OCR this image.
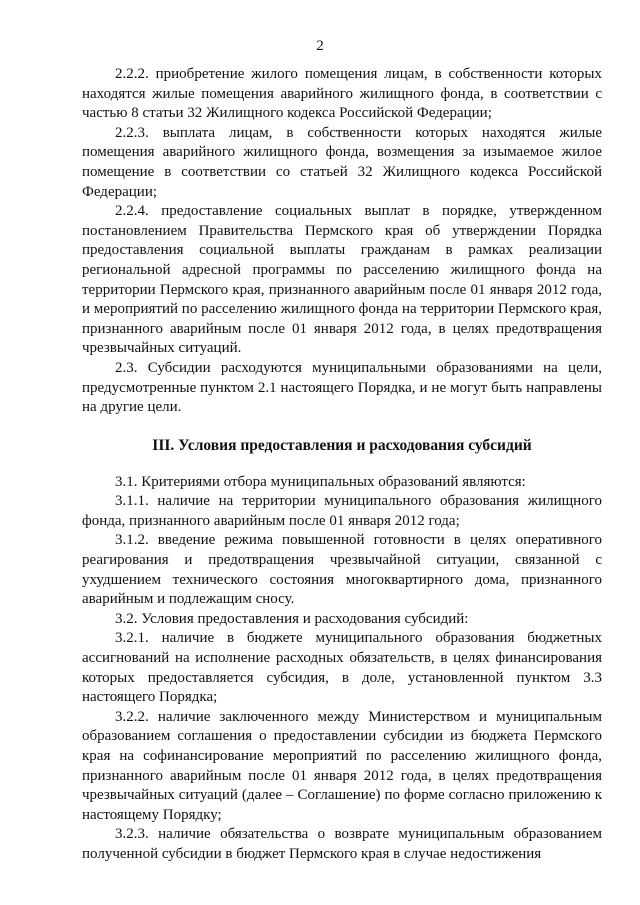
2

2.2.2. приобретение жилого помещения лицам, в собственности которых находятся жилые помещения аварийного жилищного фонда, в соответствии с частью 8 статьи 32 Жилищного кодекса Российской Федерации;

2.2.3. выплата лицам, в собственности которых находятся жилые помещения аварийного жилищного фонда, возмещения за изымаемое жилое помещение в соответствии со статьей 32 Жилищного кодекса Российской Федерации;

2.2.4. предоставление социальных выплат в порядке, утвержденном постановлением Правительства Пермского края об утверждении Порядка предоставления социальной выплаты гражданам в рамках реализации региональной адресной программы по расселению жилищного фонда на территории Пермского края, признанного аварийным после 01 января 2012 года, и мероприятий по расселению жилищного фонда на территории Пермского края, признанного аварийным после 01 января 2012 года, в целях предотвращения чрезвычайных ситуаций.

2.3. Субсидии расходуются муниципальными образованиями на цели, предусмотренные пунктом 2.1 настоящего Порядка, и не могут быть направлены на другие цели.

III. Условия предоставления и расходования субсидий

3.1. Критериями отбора муниципальных образований являются:

3.1.1. наличие на территории муниципального образования жилищного фонда, признанного аварийным после 01 января 2012 года;

3.1.2. введение режима повышенной готовности в целях оперативного реагирования и предотвращения чрезвычайной ситуации, связанной с ухудшением технического состояния многоквартирного дома, признанного аварийным и подлежащим сносу.

3.2. Условия предоставления и расходования субсидий:

3.2.1. наличие в бюджете муниципального образования бюджетных ассигнований на исполнение расходных обязательств, в целях финансирования которых предоставляется субсидия, в доле, установленной пунктом 3.3 настоящего Порядка;

3.2.2. наличие заключенного между Министерством и муниципальным образованием соглашения о предоставлении субсидии из бюджета Пермского края на софинансирование мероприятий по расселению жилищного фонда, признанного аварийным после 01 января 2012 года, в целях предотвращения чрезвычайных ситуаций (далее – Соглашение) по форме согласно приложению к настоящему Порядку;

3.2.3. наличие обязательства о возврате муниципальным образованием полученной субсидии в бюджет Пермского края в случае недостижения
